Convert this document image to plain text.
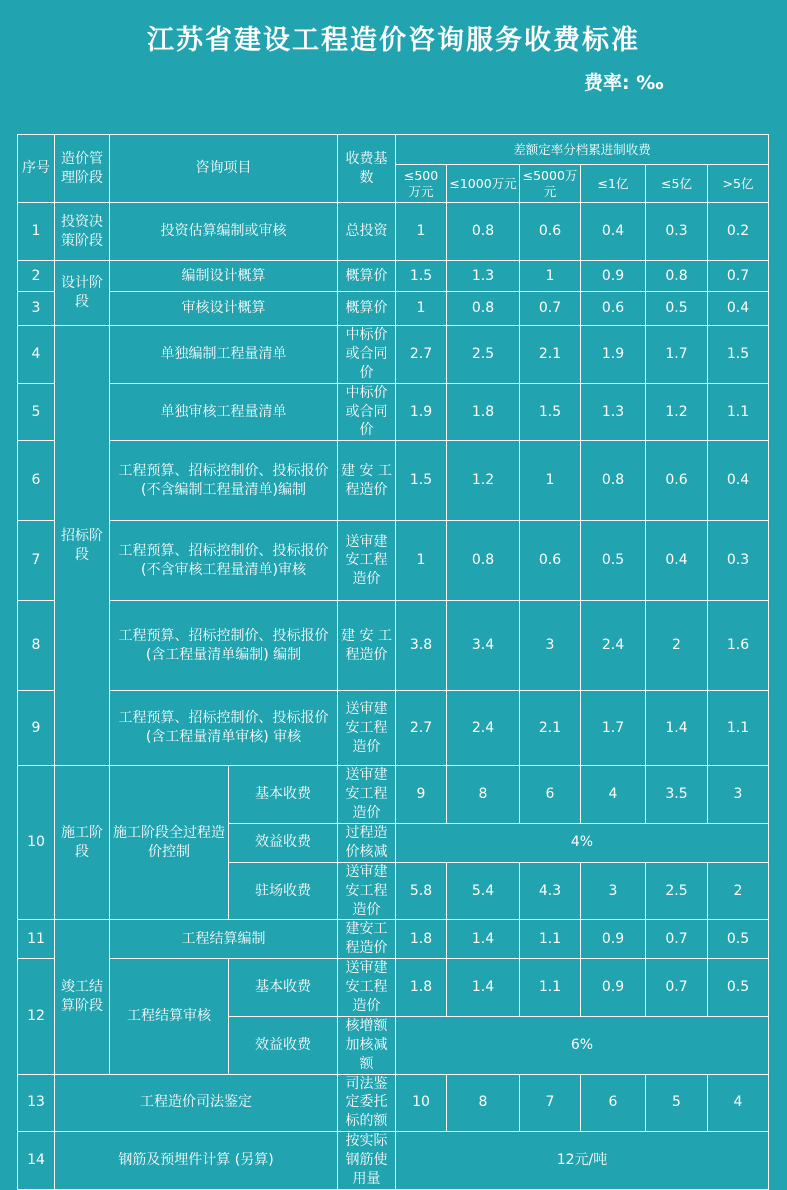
江苏省建设工程造价咨询服务收费标准
费率: ‰
序号	造价管理阶段	咨询项目		收费基数	差额定率分档累进制收费					
					≤500万元	≤1000万元	≤5000万元	≤1亿	≤5亿	>5亿
1	投资决策阶段	投资估算编制或审核		总投资	1	0.8	0.6	0.4	0.3	0.2
2	设计阶段	编制设计概算		概算价	1.5	1.3	1	0.9	0.8	0.7
3		审核设计概算		概算价	1	0.8	0.7	0.6	0.5	0.4
4	招标阶段	单独编制工程量清单		中标价或合同价	2.7	2.5	2.1	1.9	1.7	1.5
5		单独审核工程量清单		中标价或合同价	1.9	1.8	1.5	1.3	1.2	1.1
6		工程预算、招标控制价、投标报价(不含编制工程量清单)编制		建 安 工 程造价	1.5	1.2	1	0.8	0.6	0.4
7		工程预算、招标控制价、投标报价(不含审核工程量清单)审核		送审建安工程造价	1	0.8	0.6	0.5	0.4	0.3
8		工程预算、招标控制价、投标报价(含工程量清单编制) 编制		建 安 工 程造价	3.8	3.4	3	2.4	2	1.6
9		工程预算、招标控制价、投标报价(含工程量清单审核) 审核		送审建安工程造价	2.7	2.4	2.1	1.7	1.4	1.1
10	施工阶段	施工阶段全过程造价控制	基本收费	送审建安工程造价	9	8	6	4	3.5	3
			效益收费	过程造价核减	4%					
			驻场收费	送审建安工程造价	5.8	5.4	4.3	3	2.5	2
11	竣工结算阶段	工程结算编制		建安工程造价	1.8	1.4	1.1	0.9	0.7	0.5
12		工程结算审核	基本收费	送审建安工程造价	1.8	1.4	1.1	0.9	0.7	0.5
			效益收费	核增额加核减额	6%					
13	工程造价司法鉴定			司法鉴定委托标的额	10	8	7	6	5	4
14	钢筋及预埋件计算 (另算)			按实际钢筋使用量	12元/吨					
